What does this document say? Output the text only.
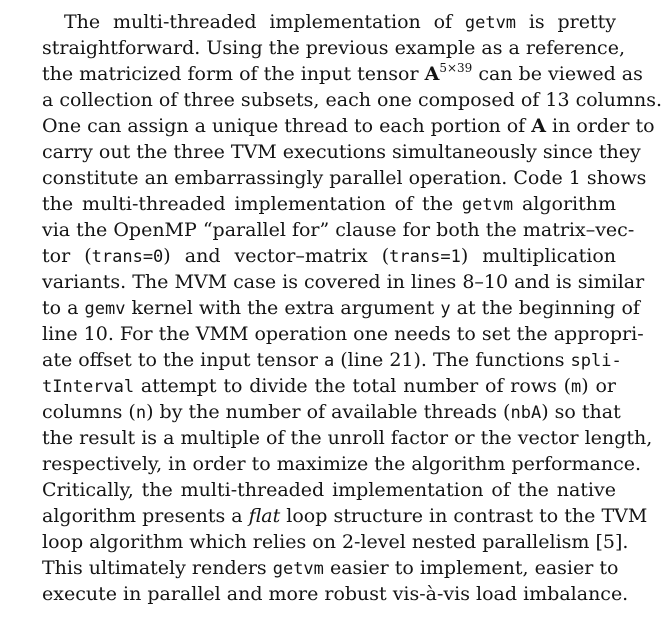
The multi-threaded implementation of getvm is pretty
straightforward. Using the previous example as a reference,
the matricized form of the input tensor $A^{5\times 39}$ can be viewed as
a collection of three subsets, each one composed of 13 columns.
One can assign a unique thread to each portion of A in order to
carry out the three TVM executions simultaneously since they
constitute an embarrassingly parallel operation. Code 1 shows
the multi-threaded implementation of the getvm algorithm
via the OpenMP “parallel for” clause for both the matrix–vec-
tor (trans=0) and vector–matrix (trans=1) multiplication
variants. The MVM case is covered in lines 8–10 and is similar
to a gemv kernel with the extra argument y at the beginning of
line 10. For the VMM operation one needs to set the appropri-
ate offset to the input tensor a (line 21). The functions spli-
tInterval attempt to divide the total number of rows (m) or
columns (n) by the number of available threads (nbA) so that
the result is a multiple of the unroll factor or the vector length,
respectively, in order to maximize the algorithm performance.
Critically, the multi-threaded implementation of the native
algorithm presents a flat loop structure in contrast to the TVM
loop algorithm which relies on 2-level nested parallelism [5].
This ultimately renders getvm easier to implement, easier to
execute in parallel and more robust vis-à-vis load imbalance.
